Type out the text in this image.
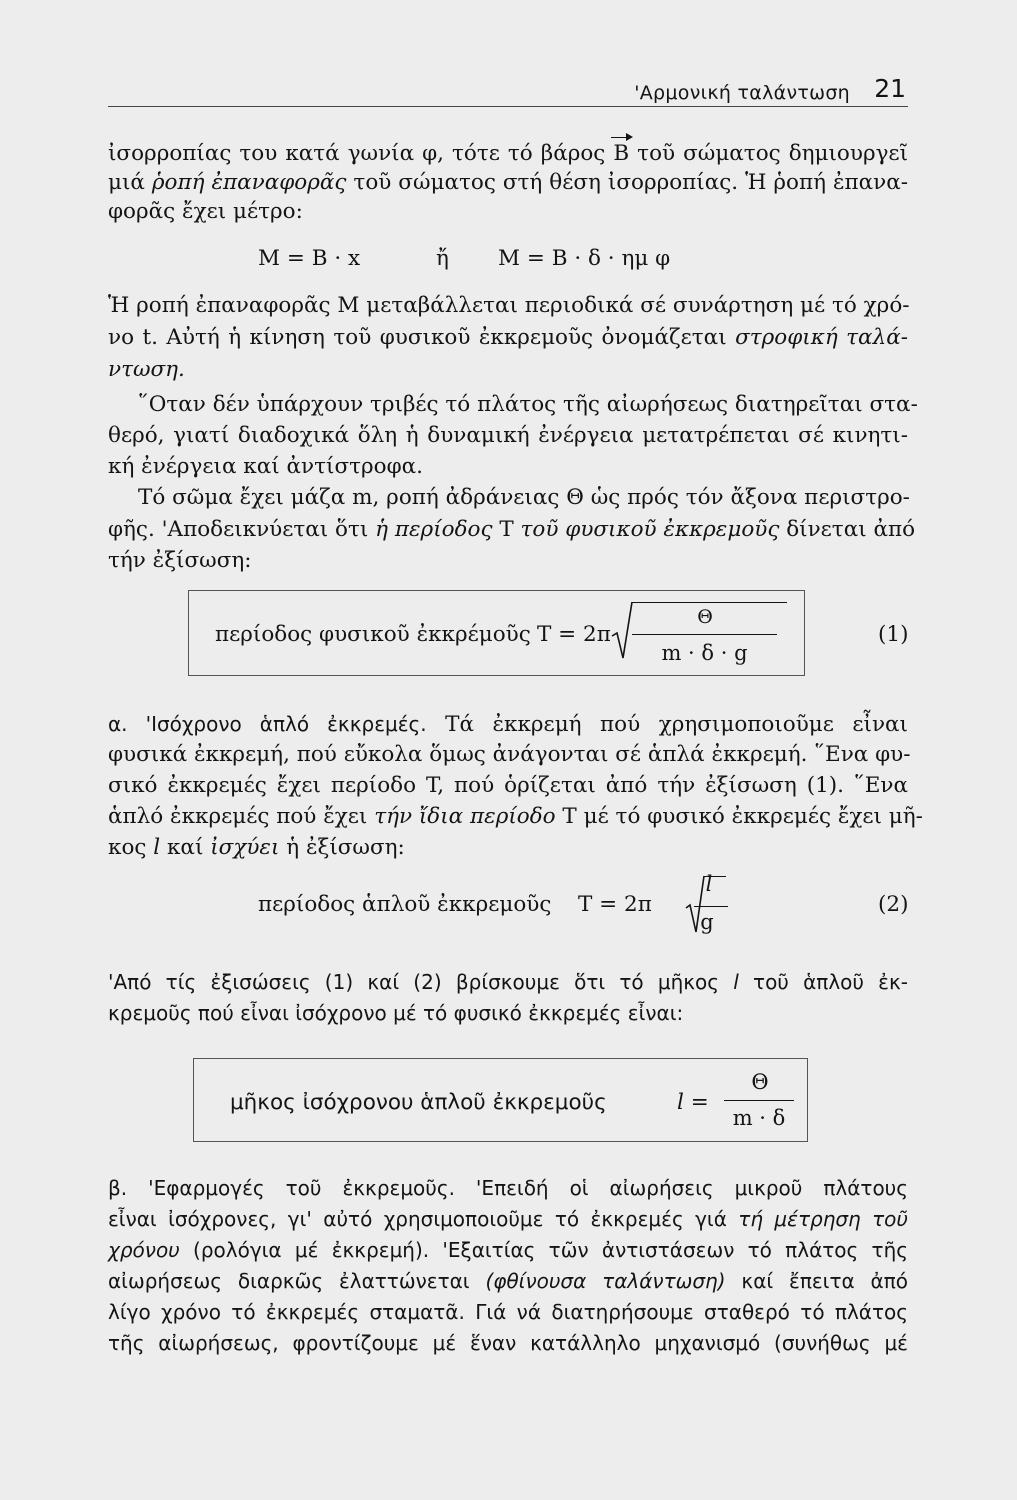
'Αρμονική ταλάντωση 21
ἰσορροπίας του κατά γωνία φ, τότε τό βάρος B τοῦ σώματος δημιουργεῖ
μιά ῥοπή ἐπαναφορᾶς τοῦ σώματος στή θέση ἰσορροπίας. Ἡ ῥοπή ἐπανα-
φορᾶς ἔχει μέτρο:
M = B · x	ἤ M = B · δ · ημ φ
Ἡ ροπή ἐπαναφορᾶς M μεταβάλλεται περιοδικά σέ συνάρτηση μέ τό χρό-
νο t. Αὐτή ἡ κίνηση τοῦ φυσικοῦ ἐκκρεμοῦς ὀνομάζεται στροφική ταλά-
ντωση.
῞Οταν δέν ὑπάρχουν τριβές τό πλάτος τῆς αἰωρήσεως διατηρεῖται στα-
θερό, γιατί διαδοχικά ὅλη ἡ δυναμική ἐνέργεια μετατρέπεται σέ κινητι-
κή ἐνέργεια καί ἀντίστροφα.
Τό σῶμα ἔχει μάζα m, ροπή ἀδράνειας Θ ὡς πρός τόν ἄξονα περιστρο-
φῆς. 'Αποδεικνύεται ὅτι ἡ περίοδος T τοῦ φυσικοῦ ἐκκρεμοῦς δίνεται ἀπό
τήν ἐξίσωση:
περίοδος φυσικοῦ ἐκκρέμοῦς T = 2π
Θ
m · δ · g
(1)
α. 'Ισόχρονο ἁπλό ἐκκρεμές. Τά ἐκκρεμή πού χρησιμοποιοῦμε εἶναι
φυσικά ἐκκρεμή, πού εὔκολα ὅμως ἀνάγονται σέ ἁπλά ἐκκρεμή. ῞Ενα φυ-
σικό ἐκκρεμές ἔχει περίοδο T, πού ὁρίζεται ἀπό τήν ἐξίσωση (1). ῞Ενα
ἁπλό ἐκκρεμές πού ἔχει τήν ἴδια περίοδο T μέ τό φυσικό ἐκκρεμές ἔχει μῆ-
κος l καί ἰσχύει ἡ ἐξίσωση:
περίοδος ἁπλοῦ ἐκκρεμοῦς T = 2π
l
g
(2)
'Από τίς ἐξισώσεις (1) καί (2) βρίσκουμε ὅτι τό μῆκος l τοῦ ἁπλοῦ ἐκ-
κρεμοῦς πού εἶναι ἰσόχρονο μέ τό φυσικό ἐκκρεμές εἶναι:
μῆκος ἰσόχρονου ἁπλοῦ ἐκκρεμοῦς	l =
Θ
m · δ
β. 'Εφαρμογές τοῦ ἐκκρεμοῦς. 'Επειδή οἱ αἰωρήσεις μικροῦ πλάτους
εἶναι ἰσόχρονες, γι' αὐτό χρησιμοποιοῦμε τό ἐκκρεμές γιά τή μέτρηση τοῦ
χρόνου (ρολόγια μέ ἐκκρεμή). 'Εξαιτίας τῶν ἀντιστάσεων τό πλάτος τῆς
αἰωρήσεως διαρκῶς ἐλαττώνεται (φθίνουσα ταλάντωση) καί ἔπειτα ἀπό
λίγο χρόνο τό ἐκκρεμές σταματᾶ. Γιά νά διατηρήσουμε σταθερό τό πλάτος
τῆς αἰωρήσεως, φροντίζουμε μέ ἕναν κατάλληλο μηχανισμό (συνήθως μέ
